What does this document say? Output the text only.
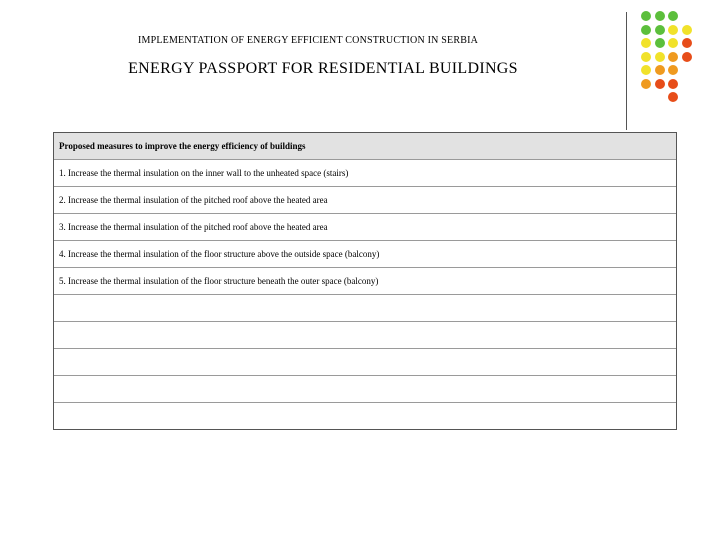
IMPLEMENTATION OF ENERGY EFFICIENT CONSTRUCTION IN SERBIA
ENERGY PASSPORT FOR RESIDENTIAL BUILDINGS
Proposed measures to improve the energy efficiency of buildings
1. Increase the thermal insulation on the inner wall to the unheated space (stairs)
2. Increase the thermal insulation of the pitched roof above the heated area
3. Increase the thermal insulation of the pitched roof above the heated area
4. Increase the thermal insulation of the floor structure above the outside space (balcony)
5. Increase the thermal insulation of the floor structure beneath the outer space (balcony)
